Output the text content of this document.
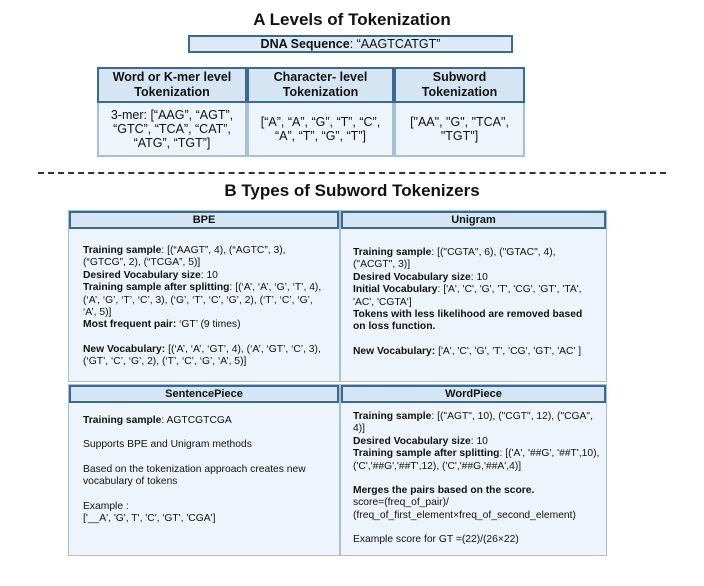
A Levels of Tokenization
DNA Sequence: “AAGTCATGT”
Word or K-mer level Tokenization
3-mer: [“AAG”, “AGT”, “GTC”, “TCA”, “CAT”, “ATG”, “TGT”]
Character- level Tokenization
[“A”, “A”, “G”, “T”, “C”, “A”, “T”, “G”, “T”]
Subword Tokenization
["AA", "G", "TCA", "TGT"]
B Types of Subword Tokenizers
BPE

Training sample: [(“AAGT”, 4), (“AGTC”, 3), (“GTCG”, 2), (“TCGA”, 5)]

Desired Vocabulary size: 10

Training sample after splitting: [(‘A’, ‘A’, ‘G’, ‘T’, 4), (‘A’, ‘G’, ‘T’, ‘C’, 3), (‘G’, ‘T’, ‘C’, ‘G’, 2), (‘T’, ‘C’, ‘G’, ‘A’, 5)]

Most frequent pair: ‘GT’ (9 times)

New Vocabulary: [(‘A’, ‘A’, ‘GT’, 4), (‘A’, ‘GT’, ‘C’, 3), (‘GT’, ‘C’, ‘G’, 2), (‘T’, ‘C’, ‘G’, ‘A’, 5)]

Unigram

Training sample: [("CGTA", 6), ("GTAC", 4), ("ACGT", 3)]

Desired Vocabulary size: 10

Initial Vocabulary: ['A', 'C', 'G', 'T', 'CG', 'GT', 'TA', 'AC', 'CGTA']

Tokens with less likelihood are removed based on loss function.

New Vocabulary: ['A', 'C', 'G', 'T', 'CG', 'GT', 'AC' ]

SentencePiece

Training sample: AGTCGTCGA

Supports BPE and Unigram methods

Based on the tokenization approach creates new vocabulary of tokens

Example :

['__A', 'G', T', 'C', 'GT', 'CGA']

WordPiece

Training sample: [("AGT", 10), ("CGT", 12), ("CGA", 4)]

Desired Vocabulary size: 10

Training sample after splitting: [('A', '##G', '##T',10), ('C','##G','##T',12), ('C','##G,'##A',4)]

Merges the pairs based on the score.

score=(freq_of_pair)/

(freq_of_first_element×freq_of_second_element)

Example score for GT =(22)/(26×22)
